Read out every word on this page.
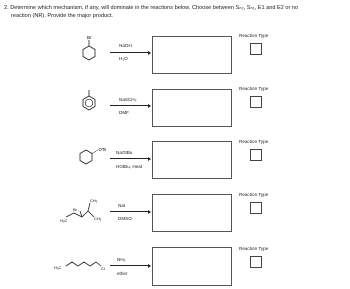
2. Determine which mechanism, if any, will dominate in the reactions below. Choose between Sₙ₂, Sₙ₁, E1 and E2 or no
reaction (NR). Provide the major product.
Br
NaOH
H₂O
Reaction Type
NaSCH₃
DMF
Reaction Type
OTs
NaOtBu
HOtBu, Heat
Reaction Type
CH₃
Br
H₃C	CH₃
NaI
DMSO
Reaction Type
H₃C	Cl
NH₃
ether
Reaction Type
